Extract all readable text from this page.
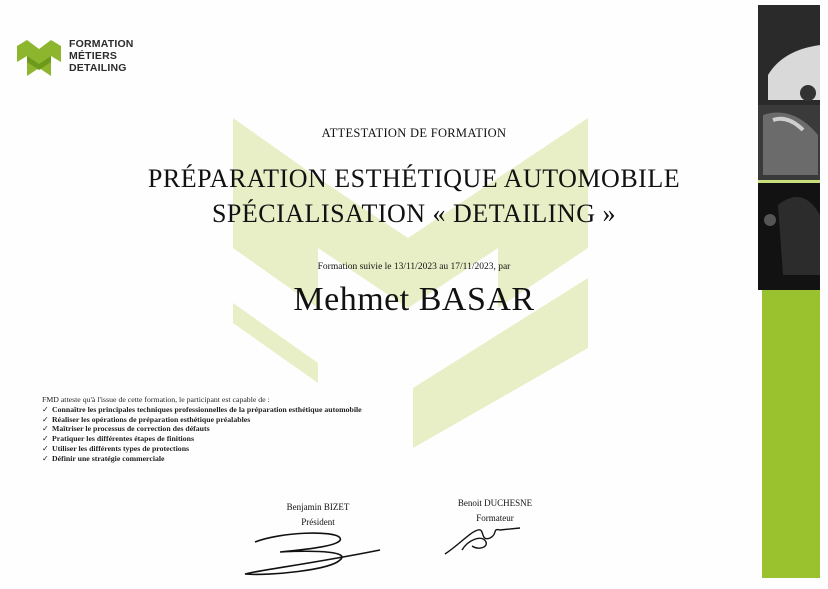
FORMATION
MÉTIERS
DETAILING
ATTESTATION DE FORMATION
PRÉPARATION ESTHÉTIQUE AUTOMOBILE
SPÉCIALISATION « DETAILING »
Formation suivie le 13/11/2023 au 17/11/2023, par
Mehmet BASAR
FMD atteste qu'à l'issue de cette formation, le participant est capable de :
✓ Connaître les principales techniques professionnelles de la préparation esthétique automobile
✓ Réaliser les opérations de préparation esthétique préalables
✓ Maîtriser le processus de correction des défauts
✓ Pratiquer les différentes étapes de finitions
✓ Utiliser les différents types de protections
✓ Définir une stratégie commerciale
Benjamin BIZET
Président
Benoit DUCHESNE
Formateur
